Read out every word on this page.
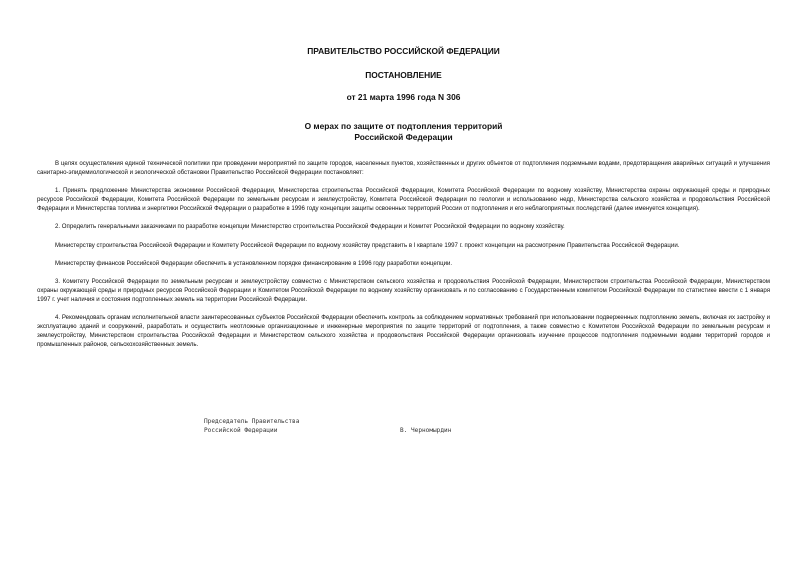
ПРАВИТЕЛЬСТВО РОССИЙСКОЙ ФЕДЕРАЦИИ
ПОСТАНОВЛЕНИЕ
от 21 марта 1996 года N 306
О мерах по защите от подтопления территорий
Российской Федерации

В целях осуществления единой технической политики при проведении мероприятий по защите городов, населенных пунктов, хозяйственных и других объектов от подтопления подземными водами, предотвращения аварийных ситуаций и улучшения санитарно-эпидемиологической и экологической обстановки Правительство Российской Федерации постановляет:

1. Принять предложение Министерства экономики Российской Федерации, Министерства строительства Российской Федерации, Комитета Российской Федерации по водному хозяйству, Министерства охраны окружающей среды и природных ресурсов Российской Федерации, Комитета Российской Федерации по земельным ресурсам и землеустройству, Комитета Российской Федерации по геологии и использованию недр, Министерства сельского хозяйства и продовольствия Российской Федерации и Министерства топлива и энергетики Российской Федерации о разработке в 1996 году концепции защиты освоенных территорий России от подтопления и его неблагоприятных последствий (далее именуется концепция).

2. Определить генеральными заказчиками по разработке концепции Министерство строительства Российской Федерации и Комитет Российской Федерации по водному хозяйству.

Министерству строительства Российской Федерации и Комитету Российской Федерации по водному хозяйству представить в I квартале 1997 г. проект концепции на рассмотрение Правительства Российской Федерации.

Министерству финансов Российской Федерации обеспечить в установленном порядке финансирование в 1996 году разработки концепции.

3. Комитету Российской Федерации по земельным ресурсам и землеустройству совместно с Министерством сельского хозяйства и продовольствия Российской Федерации, Министерством строительства Российской Федерации, Министерством охраны окружающей среды и природных ресурсов Российской Федерации и Комитетом Российской Федерации по водному хозяйству организовать и по согласованию с Государственным комитетом Российской Федерации по статистике ввести с 1 января 1997 г. учет наличия и состояния подтопленных земель на территории Российской Федерации.

4. Рекомендовать органам исполнительной власти заинтересованных субъектов Российской Федерации обеспечить контроль за соблюдением нормативных требований при использовании подверженных подтоплению земель, включая их застройку и эксплуатацию зданий и сооружений, разработать и осуществить неотложные организационные и инженерные мероприятия по защите территорий от подтопления, а также совместно с Комитетом Российской Федерации по земельным ресурсам и землеустройству, Министерством строительства Российской Федерации и Министерством сельского хозяйства и продовольствия Российской Федерации организовать изучение процессов подтопления подземными водами территорий городов и промышленных районов, сельскохозяйственных земель.

Председатель Правительства
Российской Федерации	В. Черномырдин
